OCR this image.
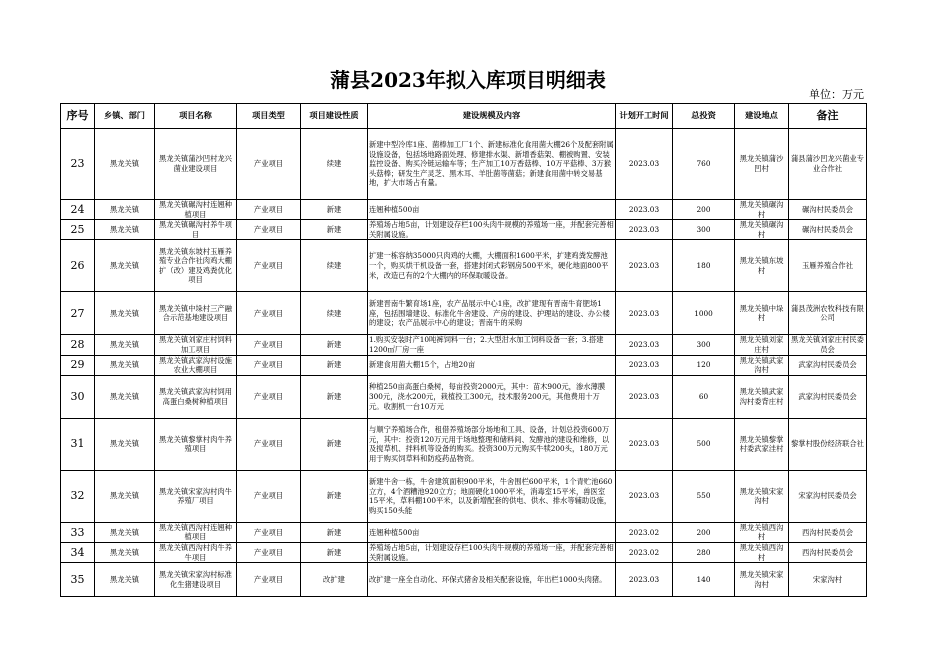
蒲县2023年拟入库项目明细表
单位：万元
序号	乡镇、部门	项目名称	项目类型	项目建设性质	建设规模及内容	计划开工时间	总投资	建设地点	备注
23	黑龙关镇	黑龙关镇蒲沙凹村龙兴菌业建设项目	产业项目	续建	新建中型冷库1座、菌棒加工厂1个、新建标准化食用菌大棚26个及配套附属设施设备，包括场地路面处理、修建排水渠、新增香菇架、棚被购置、安装监控设备、购买冷链运输车等；生产加工10万香菇棒、10万平菇棒、3万猴头菇棒；研发生产灵芝、黑木耳、羊肚菌等菌菇；新建食用菌中转交易基地，扩大市场占有量。	2023.03	760	黑龙关镇蒲沙凹村	蒲县蒲沙凹龙兴菌业专业合作社
24	黑龙关镇	黑龙关镇碾沟村连翘种植项目	产业项目	新建	连翘种植500亩	2023.03	200	黑龙关镇碾沟村	碾沟村民委员会
25	黑龙关镇	黑龙关镇碾沟村养牛项目	产业项目	新建	养殖场占地5亩，计划建设存栏100头肉牛规模的养殖场一座，并配套完善相关附属设施。	2023.03	300	黑龙关镇碾沟村	碾沟村民委员会
26	黑龙关镇	黑龙关镇东坡村玉雁养殖专业合作社肉鸡大棚扩（改）建及鸡粪优化项目	产业项目	续建	扩建一栋容纳35000只肉鸡的大棚，大棚面积1600平米，扩建鸡粪发酵池一个，购买烘干机设备一套，搭建封闭式彩钢房500平米，硬化地面800平米，改造已有的2个大棚内的环保取暖设备。	2023.03	180	黑龙关镇东坡村	玉雁养殖合作社
27	黑龙关镇	黑龙关镇中垛村三产融合示范基地建设项目	产业项目	续建	新建晋南牛繁育场1座，农产品展示中心1座，改扩建现有晋南牛育肥场1座，包括围墙建设、标准化牛舍建设、产房的建设、护理站的建设、办公楼的建设；农产品展示中心的建设；晋南牛的采购	2023.03	1000	黑龙关镇中垛村	蒲县茂洲农牧科技有限公司
28	黑龙关镇	黑龙关镇刘家庄村饲料加工项目	产业项目	新建	1.购买安装时产10吨裤饲料一台；2.大型泔水加工饲料设备一套；3.搭建1200㎡厂房一座	2023.03	300	黑龙关镇刘家庄村	黑龙关镇刘家庄村民委员会
29	黑龙关镇	黑龙关镇武家沟村设施农业大棚项目	产业项目	新建	新建食用菌大棚15个，占地20亩	2023.03	120	黑龙关镇武家沟村	武家沟村民委员会
30	黑龙关镇	黑龙关镇武家沟村饲用高蛋白桑树种植项目	产业项目	新建	种植250亩高蛋白桑树，每亩投资2000元，其中：苗木900元，渗水薄膜300元，浇水200元，栽植投工300元，技术服务200元，其他费用十万元。收割机一台10万元	2023.03	60	黑龙关镇武家沟村委背庄村	武家沟村民委员会
31	黑龙关镇	黑龙关镇黎掌村肉牛养殖项目	产业项目	新建	与顺宁养殖场合作，租借养殖场部分场地和工具、设备，计划总投资600万元，其中：投资120万元用于场地整理和储料间、发酵池的建设和维修，以及搅草机、拌料机等设备的购买。投资300万元购买牛犊200头，180万元用于购买饲草料和防疫药品物资。	2023.03	500	黑龙关镇黎掌村委武家洼村	黎掌村股份经济联合社
32	黑龙关镇	黑龙关镇宋家沟村肉牛养殖厂项目	产业项目	新建	新建牛舍一栋，牛舍建筑面积900平米，牛舍围栏600平米，1个青贮池660立方，4个酒糟池920立方；地面硬化1000平米，消毒室15平米，兽医室15平米，草料棚100平米，以及新增配套的供电、供水、排水等辅助设施，购买150头能	2023.03	550	黑龙关镇宋家沟村	宋家沟村民委员会
33	黑龙关镇	黑龙关镇西沟村连翘种植项目	产业项目	新建	连翘种植500亩	2023.02	200	黑龙关镇西沟村	西沟村民委员会
34	黑龙关镇	黑龙关镇西沟村肉牛养牛项目	产业项目	新建	养殖场占地5亩，计划建设存栏100头肉牛规模的养殖场一座，并配套完善相关附属设施。	2023.02	280	黑龙关镇西沟村	西沟村民委员会
35	黑龙关镇	黑龙关镇宋家沟村标准化生猪建设项目	产业项目	改扩建	改扩建一座全自动化、环保式猪舍及相关配套设施，年出栏1000头肉猪。	2023.03	140	黑龙关镇宋家沟村	宋家沟村
